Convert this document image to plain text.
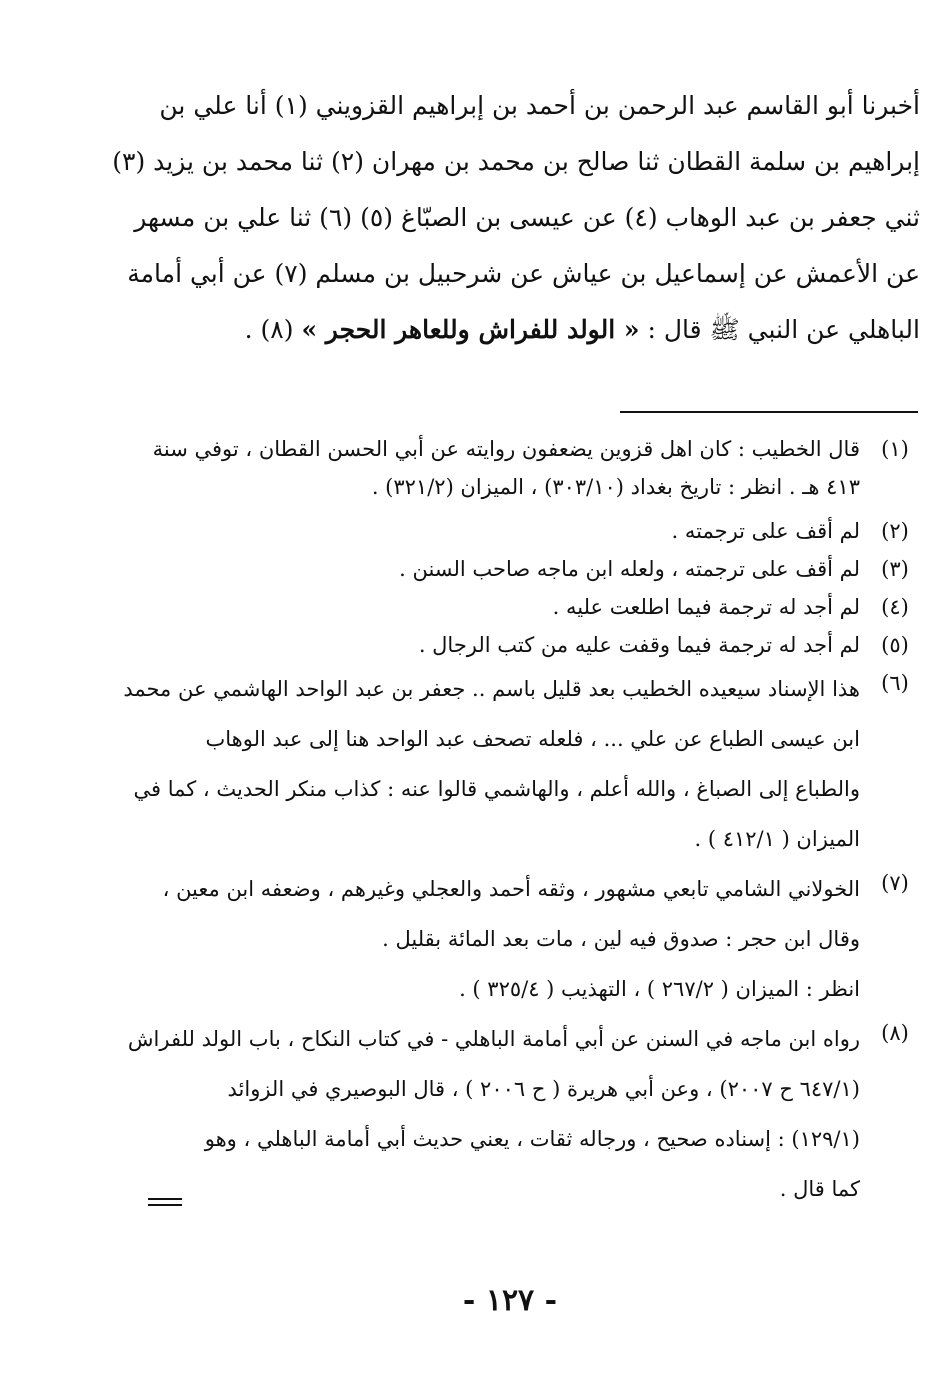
أخبرنا أبو القاسم عبد الرحمن بن أحمد بن إبراهيم القزويني (١) أنا علي بن
إبراهيم بن سلمة القطان ثنا صالح بن محمد بن مهران (٢) ثنا محمد بن يزيد (٣)
ثني جعفر بن عبد الوهاب (٤) عن عيسى بن الصبّاغ (٥) (٦) ثنا علي بن مسهر
عن الأعمش عن إسماعيل بن عياش عن شرحبيل بن مسلم (٧) عن أبي أمامة
الباهلي عن النبي ﷺ قال : « الولد للفراش وللعاهر الحجر » (٨) .
(١)
قال الخطيب : كان اهل قزوين يضعفون روايته عن أبي الحسن القطان ، توفي سنة
٤١٣ هـ . انظر : تاريخ بغداد (٣٠٣/١٠) ، الميزان (٣٢١/٢) .
(٢)
لم أقف على ترجمته .
(٣)
لم أقف على ترجمته ، ولعله ابن ماجه صاحب السنن .
(٤)
لم أجد له ترجمة فيما اطلعت عليه .
(٥)
لم أجد له ترجمة فيما وقفت عليه من كتب الرجال .
(٦)
هذا الإسناد سيعيده الخطيب بعد قليل باسم .. جعفر بن عبد الواحد الهاشمي عن محمد
ابن عيسى الطباع عن علي ... ، فلعله تصحف عبد الواحد هنا إلى عبد الوهاب
والطباع إلى الصباغ ، والله أعلم ، والهاشمي قالوا عنه : كذاب منكر الحديث ، كما في
الميزان ( ٤١٢/١ ) .
(٧)
الخولاني الشامي تابعي مشهور ، وثقه أحمد والعجلي وغيرهم ، وضعفه ابن معين ،
وقال ابن حجر : صدوق فيه لين ، مات بعد المائة بقليل .
انظر : الميزان ( ٢٦٧/٢ ) ، التهذيب ( ٣٢٥/٤ ) .
(٨)
رواه ابن ماجه في السنن عن أبي أمامة الباهلي - في كتاب النكاح ، باب الولد للفراش
(٦٤٧/١ ح ٢٠٠٧) ، وعن أبي هريرة ( ح ٢٠٠٦ ) ، قال البوصيري في الزوائد
(١٢٩/١) : إسناده صحيح ، ورجاله ثقات ، يعني حديث أبي أمامة الباهلي ، وهو
كما قال .
- ١٢٧ -
